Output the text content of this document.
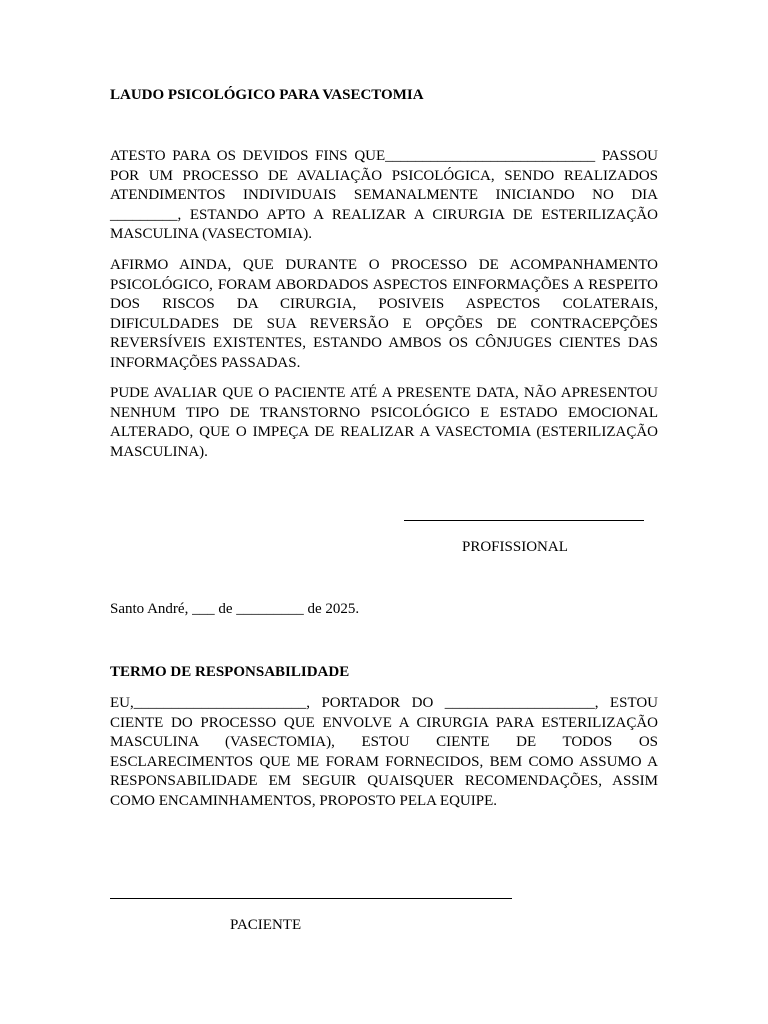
LAUDO PSICOLÓGICO PARA VASECTOMIA

ATESTO PARA OS DEVIDOS FINS QUE____________________________ PASSOU POR UM PROCESSO DE AVALIAÇÃO PSICOLÓGICA, SENDO REALIZADOS ATENDIMENTOS INDIVIDUAIS SEMANALMENTE INICIANDO NO DIA _________, ESTANDO APTO A REALIZAR A CIRURGIA DE ESTERILIZAÇÃO MASCULINA (VASECTOMIA).

AFIRMO AINDA, QUE DURANTE O PROCESSO DE ACOMPANHAMENTO PSICOLÓGICO, FORAM ABORDADOS ASPECTOS EINFORMAÇÕES A RESPEITO DOS RISCOS DA CIRURGIA, POSIVEIS ASPECTOS COLATERAIS, DIFICULDADES DE SUA REVERSÃO E OPÇÕES DE CONTRACEPÇÕES REVERSÍVEIS EXISTENTES, ESTANDO AMBOS OS CÔNJUGES CIENTES DAS INFORMAÇÕES PASSADAS.

PUDE AVALIAR QUE O PACIENTE ATÉ A PRESENTE DATA, NÃO APRESENTOU NENHUM TIPO DE TRANSTORNO PSICOLÓGICO E ESTADO EMOCIONAL ALTERADO, QUE O IMPEÇA DE REALIZAR A VASECTOMIA (ESTERILIZAÇÃO MASCULINA).

PROFISSIONAL

Santo André, ___ de _________ de 2025.

TERMO DE RESPONSABILIDADE

EU,_______________________, PORTADOR DO ____________________, ESTOU CIENTE DO PROCESSO QUE ENVOLVE A CIRURGIA PARA ESTERILIZAÇÃO MASCULINA (VASECTOMIA), ESTOU CIENTE DE TODOS OS ESCLARECIMENTOS QUE ME FORAM FORNECIDOS, BEM COMO ASSUMO A RESPONSABILIDADE EM SEGUIR QUAISQUER RECOMENDAÇÕES, ASSIM COMO ENCAMINHAMENTOS, PROPOSTO PELA EQUIPE.

PACIENTE
